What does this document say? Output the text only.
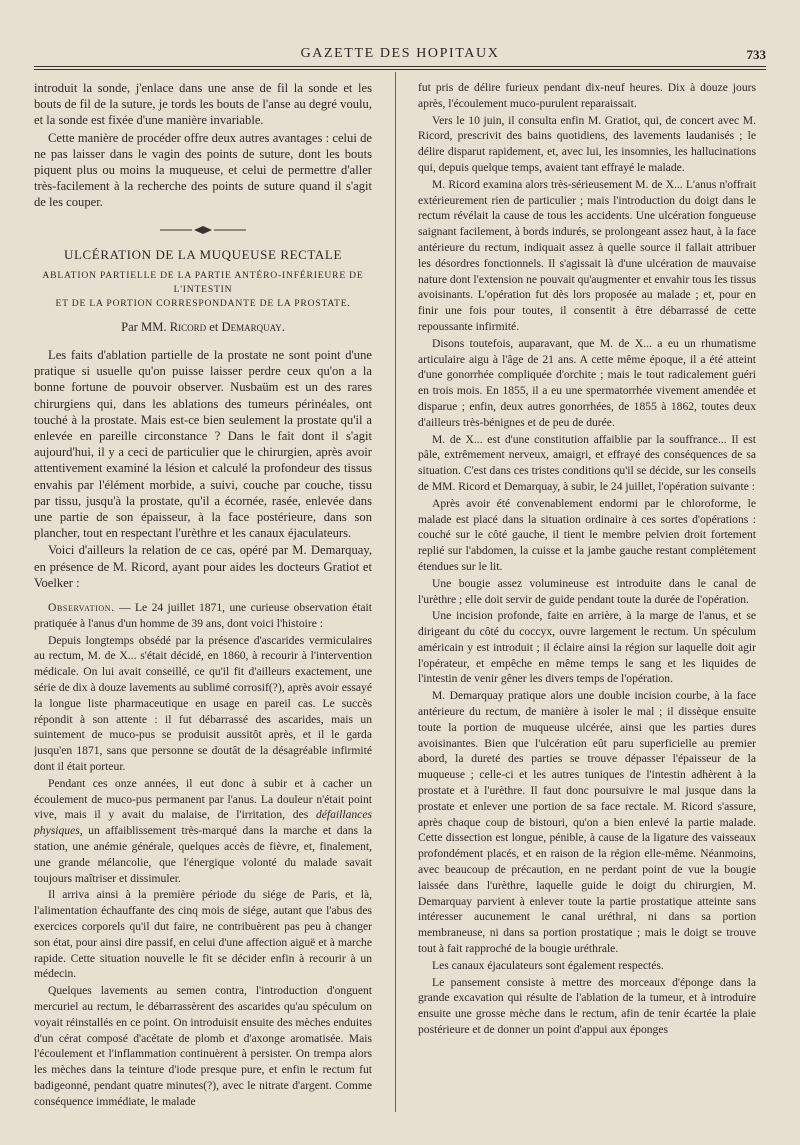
GAZETTE DES HOPITAUX	733

introduit la sonde, j'enlace dans une anse de fil la sonde et les bouts de fil de la suture, je tords les bouts de l'anse au degré voulu, et la sonde est fixée d'une manière invariable.

Cette manière de procéder offre deux autres avantages : celui de ne pas laisser dans le vagin des points de suture, dont les bouts piquent plus ou moins la muqueuse, et celui de permettre d'aller très-facilement à la recherche des points de suture quand il s'agit de les couper.

ULCÉRATION DE LA MUQUEUSE RECTALE
ABLATION PARTIELLE DE LA PARTIE ANTÉRO-INFÉRIEURE DE L'INTESTIN
ET DE LA PORTION CORRESPONDANTE DE LA PROSTATE.
Par MM. Ricord et Demarquay.

Les faits d'ablation partielle de la prostate ne sont point d'une pratique si usuelle qu'on puisse laisser perdre ceux qu'on a la bonne fortune de pouvoir observer. Nusbaüm est un des rares chirurgiens qui, dans les ablations des tumeurs périnéales, ont touché à la prostate. Mais est-ce bien seulement la prostate qu'il a enlevée en pareille circonstance ? Dans le fait dont il s'agit aujourd'hui, il y a ceci de particulier que le chirurgien, après avoir attentivement examiné la lésion et calculé la profondeur des tissus envahis par l'élément morbide, a suivi, couche par couche, tissu par tissu, jusqu'à la prostate, qu'il a écornée, rasée, enlevée dans une partie de son épaisseur, à la face postérieure, dans son plancher, tout en respectant l'urèthre et les canaux éjaculateurs.

Voici d'ailleurs la relation de ce cas, opéré par M. Demarquay, en présence de M. Ricord, ayant pour aides les docteurs Gratiot et Voelker :

Observation. — Le 24 juillet 1871, une curieuse observation était pratiquée à l'anus d'un homme de 39 ans, dont voici l'histoire :

Depuis longtemps obsédé par la présence d'ascarides vermiculaires au rectum, M. de X... s'était décidé, en 1860, à recourir à l'intervention médicale. On lui avait conseillé, ce qu'il fit d'ailleurs exactement, une série de dix à douze lavements au sublimé corrosif(?), après avoir essayé la longue liste pharmaceutique en usage en pareil cas. Le succès répondit à son attente : il fut débarrassé des ascarides, mais un suintement de muco-pus se produisit aussitôt après, et il le garda jusqu'en 1871, sans que personne se doutât de la désagréable infirmité dont il était porteur.

Pendant ces onze années, il eut donc à subir et à cacher un écoulement de muco-pus permanent par l'anus. La douleur n'était point vive, mais il y avait du malaise, de l'irritation, des défaillances physiques, un affaiblissement très-marqué dans la marche et dans la station, une anémie générale, quelques accès de fièvre, et, finalement, une grande mélancolie, que l'énergique volonté du malade savait toujours maîtriser et dissimuler.

Il arriva ainsi à la première période du siége de Paris, et là, l'alimentation échauffante des cinq mois de siége, autant que l'abus des exercices corporels qu'il dut faire, ne contribuèrent pas peu à changer son état, pour ainsi dire passif, en celui d'une affection aiguë et à marche rapide. Cette situation nouvelle le fit se décider enfin à recourir à un médecin.

Quelques lavements au semen contra, l'introduction d'onguent mercuriel au rectum, le débarrassèrent des ascarides qu'au spéculum on voyait réinstallés en ce point. On introduisit ensuite des mèches enduites d'un cérat composé d'acétate de plomb et d'axonge aromatisée. Mais l'écoulement et l'inflammation continuèrent à persister. On trempa alors les mèches dans la teinture d'iode presque pure, et enfin le rectum fut badigeonné, pendant quatre minutes(?), avec le nitrate d'argent. Comme conséquence immédiate, le malade

fut pris de délire furieux pendant dix-neuf heures. Dix à douze jours après, l'écoulement muco-purulent reparaissait.

Vers le 10 juin, il consulta enfin M. Gratiot, qui, de concert avec M. Ricord, prescrivit des bains quotidiens, des lavements laudanisés ; le délire disparut rapidement, et, avec lui, les insomnies, les hallucinations qui, depuis quelque temps, avaient tant effrayé le malade.

M. Ricord examina alors très-sérieusement M. de X... L'anus n'offrait extérieurement rien de particulier ; mais l'introduction du doigt dans le rectum révélait la cause de tous les accidents. Une ulcération fongueuse saignant facilement, à bords indurés, se prolongeant assez haut, à la face antérieure du rectum, indiquait assez à quelle source il fallait attribuer les désordres fonctionnels. Il s'agissait là d'une ulcération de mauvaise nature dont l'extension ne pouvait qu'augmenter et envahir tous les tissus avoisinants. L'opération fut dès lors proposée au malade ; et, pour en finir une fois pour toutes, il consentit à être débarrassé de cette repoussante infirmité.

Disons toutefois, auparavant, que M. de X... a eu un rhumatisme articulaire aigu à l'âge de 21 ans. A cette même époque, il a été atteint d'une gonorrhée compliquée d'orchite ; mais le tout radicalement guéri en trois mois. En 1855, il a eu une spermatorrhée vivement amendée et disparue ; enfin, deux autres gonorrhées, de 1855 à 1862, toutes deux d'ailleurs très-bénignes et de peu de durée.

M. de X... est d'une constitution affaiblie par la souffrance... Il est pâle, extrêmement nerveux, amaigri, et effrayé des conséquences de sa situation. C'est dans ces tristes conditions qu'il se décide, sur les conseils de MM. Ricord et Demarquay, à subir, le 24 juillet, l'opération suivante :

Après avoir été convenablement endormi par le chloroforme, le malade est placé dans la situation ordinaire à ces sortes d'opérations : couché sur le côté gauche, il tient le membre pelvien droit fortement replié sur l'abdomen, la cuisse et la jambe gauche restant complétement étendues sur le lit.

Une bougie assez volumineuse est introduite dans le canal de l'urèthre ; elle doit servir de guide pendant toute la durée de l'opération.

Une incision profonde, faite en arrière, à la marge de l'anus, et se dirigeant du côté du coccyx, ouvre largement le rectum. Un spéculum américain y est introduit ; il éclaire ainsi la région sur laquelle doit agir l'opérateur, et empêche en même temps le sang et les liquides de l'intestin de venir gêner les divers temps de l'opération.

M. Demarquay pratique alors une double incision courbe, à la face antérieure du rectum, de manière à isoler le mal ; il dissèque ensuite toute la portion de muqueuse ulcérée, ainsi que les parties dures avoisinantes. Bien que l'ulcération eût paru superficielle au premier abord, la dureté des parties se trouve dépasser l'épaisseur de la muqueuse ; celle-ci et les autres tuniques de l'intestin adhèrent à la prostate et à l'urèthre. Il faut donc poursuivre le mal jusque dans la prostate et enlever une portion de sa face rectale. M. Ricord s'assure, après chaque coup de bistouri, qu'on a bien enlevé la partie malade. Cette dissection est longue, pénible, à cause de la ligature des vaisseaux profondément placés, et en raison de la région elle-même. Néanmoins, avec beaucoup de précaution, en ne perdant point de vue la bougie laissée dans l'urèthre, laquelle guide le doigt du chirurgien, M. Demarquay parvient à enlever toute la partie prostatique atteinte sans intéresser aucunement le canal uréthral, ni dans sa portion membraneuse, ni dans sa portion prostatique ; mais le doigt se trouve tout à fait rapproché de la bougie uréthrale.

Les canaux éjaculateurs sont également respectés.

Le pansement consiste à mettre des morceaux d'éponge dans la grande excavation qui résulte de l'ablation de la tumeur, et à introduire ensuite une grosse mèche dans le rectum, afin de tenir écartée la plaie postérieure et de donner un point d'appui aux éponges
